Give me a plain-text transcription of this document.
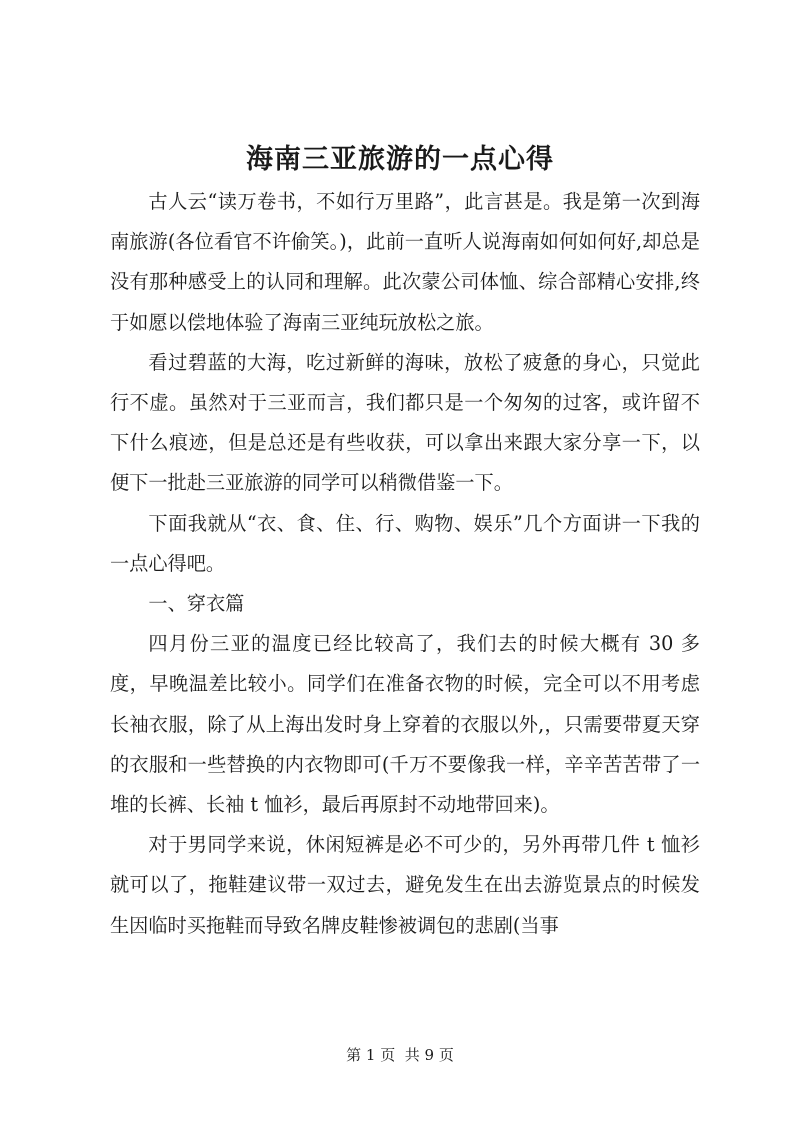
海南三亚旅游的一点心得

古人云“读万卷书，不如行万里路”，此言甚是。我是第一次到海南旅游(各位看官不许偷笑。)，此前一直听人说海南如何如何好,却总是没有那种感受上的认同和理解。此次蒙公司体恤、综合部精心安排,终于如愿以偿地体验了海南三亚纯玩放松之旅。

看过碧蓝的大海，吃过新鲜的海味，放松了疲惫的身心，只觉此行不虚。虽然对于三亚而言，我们都只是一个匆匆的过客，或许留不下什么痕迹，但是总还是有些收获，可以拿出来跟大家分享一下，以便下一批赴三亚旅游的同学可以稍微借鉴一下。

下面我就从“衣、食、住、行、购物、娱乐”几个方面讲一下我的一点心得吧。

一、穿衣篇

四月份三亚的温度已经比较高了，我们去的时候大概有 30 多度，早晚温差比较小。同学们在准备衣物的时候，完全可以不用考虑长袖衣服，除了从上海出发时身上穿着的衣服以外,，只需要带夏天穿的衣服和一些替换的内衣物即可(千万不要像我一样，辛辛苦苦带了一堆的长裤、长袖 t 恤衫，最后再原封不动地带回来)。

对于男同学来说，休闲短裤是必不可少的，另外再带几件 t 恤衫就可以了，拖鞋建议带一双过去，避免发生在出去游览景点的时候发生因临时买拖鞋而导致名牌皮鞋惨被调包的悲剧(当事

第 1 页  共 9 页
